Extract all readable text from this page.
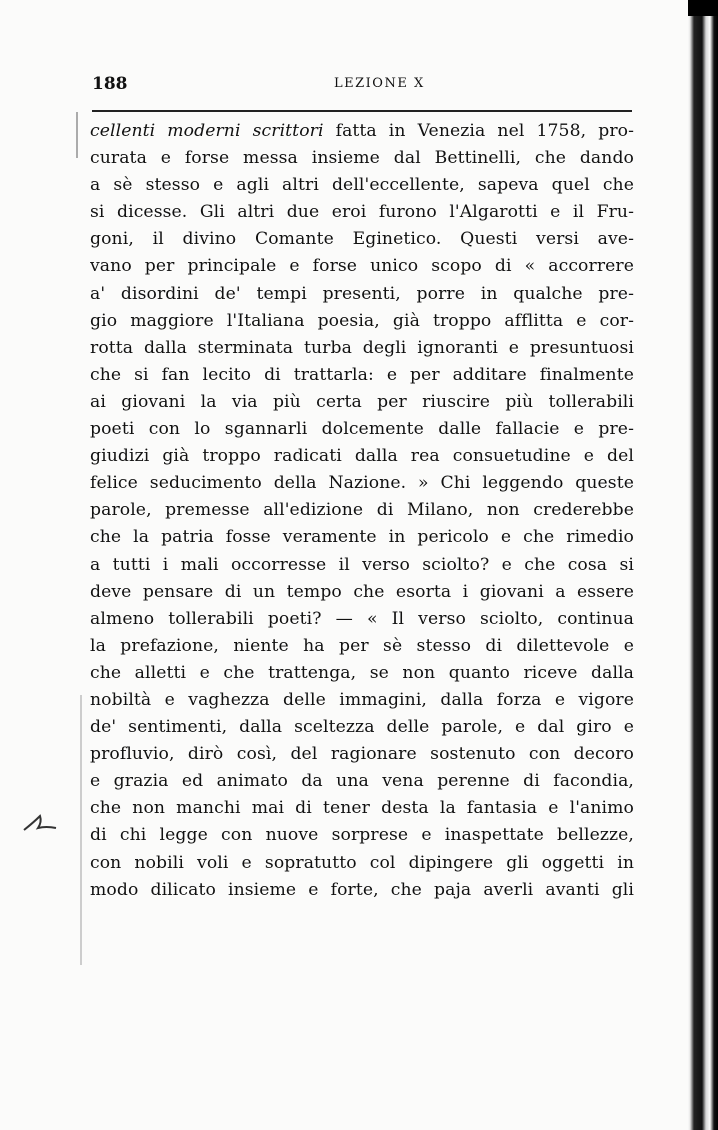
188	LEZIONE X
cellenti moderni scrittori fatta in Venezia nel 1758, pro-
curata e forse messa insieme dal Bettinelli, che dando
a sè stesso e agli altri dell'eccellente, sapeva quel che
si dicesse. Gli altri due eroi furono l'Algarotti e il Fru-
goni, il divino Comante Eginetico. Questi versi ave-
vano per principale e forse unico scopo di « accorrere
a' disordini de' tempi presenti, porre in qualche pre-
gio maggiore l'Italiana poesia, già troppo afflitta e cor-
rotta dalla sterminata turba degli ignoranti e presuntuosi
che si fan lecito di trattarla: e per additare finalmente
ai giovani la via più certa per riuscire più tollerabili
poeti con lo sgannarli dolcemente dalle fallacie e pre-
giudizi già troppo radicati dalla rea consuetudine e del
felice seducimento della Nazione. » Chi leggendo queste
parole, premesse all'edizione di Milano, non crederebbe
che la patria fosse veramente in pericolo e che rimedio
a tutti i mali occorresse il verso sciolto? e che cosa si
deve pensare di un tempo che esorta i giovani a essere
almeno tollerabili poeti? — « Il verso sciolto, continua
la prefazione, niente ha per sè stesso di dilettevole e
che alletti e che trattenga, se non quanto riceve dalla
nobiltà e vaghezza delle immagini, dalla forza e vigore
de' sentimenti, dalla sceltezza delle parole, e dal giro e
profluvio, dirò così, del ragionare sostenuto con decoro
e grazia ed animato da una vena perenne di facondia,
che non manchi mai di tener desta la fantasia e l'animo
di chi legge con nuove sorprese e inaspettate bellezze,
con nobili voli e sopratutto col dipingere gli oggetti in
modo dilicato insieme e forte, che paja averli avanti gli
